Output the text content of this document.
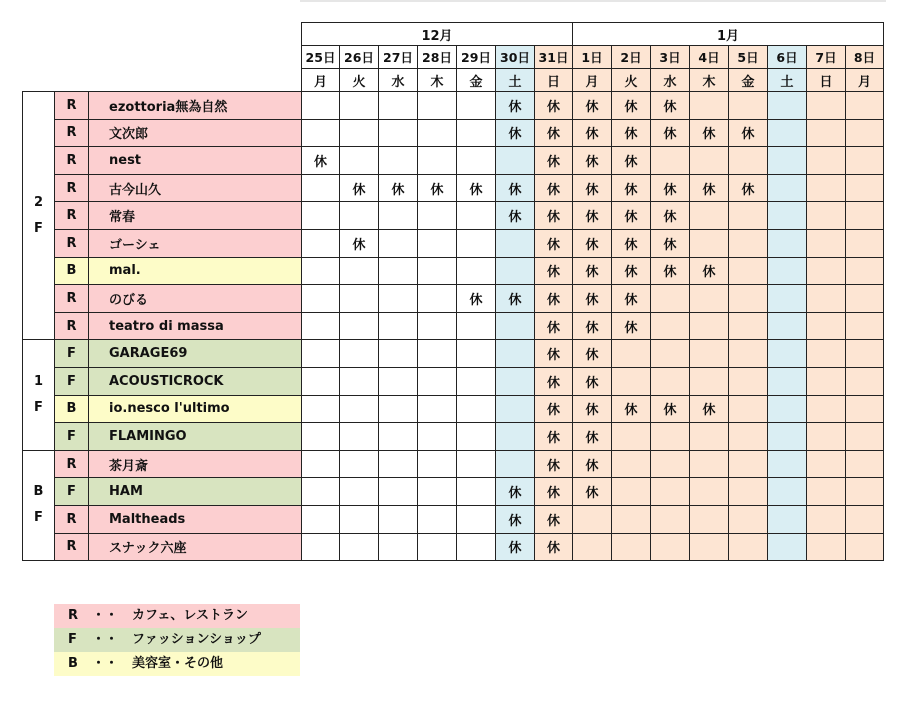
			12月							1月							
			25日	26日	27日	28日	29日	30日	31日	1日	2日	3日	4日	5日	6日	7日	8日
			月	火	水	木	金	土	日	月	火	水	木	金	土	日	月
2
F	R	ezottoria無為自然						休	休	休	休	休					
	R	文次郎						休	休	休	休	休	休	休			
	R	nest	休						休	休	休						
	R	古今山久		休	休	休	休	休	休	休	休	休	休	休			
	R	常春						休	休	休	休	休					
	R	ゴーシェ		休					休	休	休	休					
	B	mal.							休	休	休	休	休				
	R	のびる					休	休	休	休	休						
	R	teatro di massa							休	休	休						
1
F	F	GARAGE69							休	休							
	F	ACOUSTICROCK							休	休							
	B	io.nesco l'ultimo							休	休	休	休	休				
	F	FLAMINGO							休	休							
B
F	R	茶月斎							休	休							
	F	HAM						休	休	休							
	R	Maltheads						休	休								
	R	スナック六座						休	休								
R ・・ カフェ、レストラン
F ・・ ファッションショップ
B ・・ 美容室・その他
